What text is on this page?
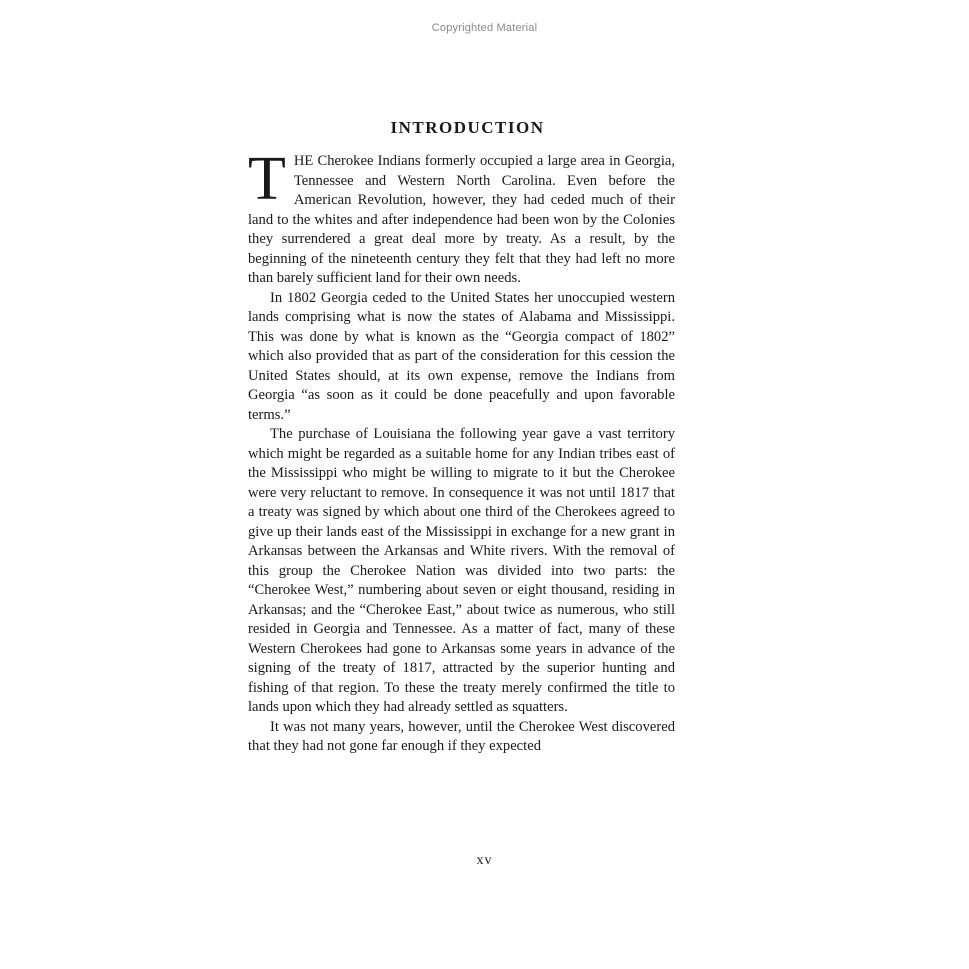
Copyrighted Material
INTRODUCTION

THE Cherokee Indians formerly occupied a large area in Georgia, Tennessee and Western North Carolina. Even before the American Revolution, however, they had ceded much of their land to the whites and after independence had been won by the Colonies they surrendered a great deal more by treaty. As a result, by the beginning of the nineteenth century they felt that they had left no more than barely sufficient land for their own needs.

In 1802 Georgia ceded to the United States her unoccupied western lands comprising what is now the states of Alabama and Mississippi. This was done by what is known as the “Georgia compact of 1802” which also provided that as part of the consideration for this cession the United States should, at its own expense, remove the Indians from Georgia “as soon as it could be done peacefully and upon favorable terms.”

The purchase of Louisiana the following year gave a vast territory which might be regarded as a suitable home for any Indian tribes east of the Mississippi who might be willing to migrate to it but the Cherokee were very reluctant to remove. In consequence it was not until 1817 that a treaty was signed by which about one third of the Cherokees agreed to give up their lands east of the Mississippi in exchange for a new grant in Arkansas between the Arkansas and White rivers. With the removal of this group the Cherokee Nation was divided into two parts: the “Cherokee West,” numbering about seven or eight thousand, residing in Arkansas; and the “Cherokee East,” about twice as numerous, who still resided in Georgia and Tennessee. As a matter of fact, many of these Western Cherokees had gone to Arkansas some years in advance of the signing of the treaty of 1817, attracted by the superior hunting and fishing of that region. To these the treaty merely confirmed the title to lands upon which they had already settled as squatters.

It was not many years, however, until the Cherokee West discovered that they had not gone far enough if they expected

xv
